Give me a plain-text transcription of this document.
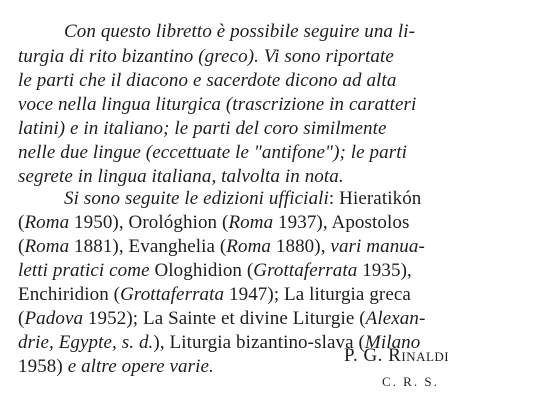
Con questo libretto è possibile seguire una li-
turgia di rito bizantino (greco). Vi sono riportate
le parti che il diacono e sacerdote dicono ad alta
voce nella lingua liturgica (trascrizione in caratteri
latini) e in italiano; le parti del coro similmente
nelle due lingue (eccettuate le "antifone"); le parti
segrete in lingua italiana, talvolta in nota.
Si sono seguite le edizioni ufficiali: Hieratikón
(Roma 1950), Orológhion (Roma 1937), Apostolos
(Roma 1881), Evanghelia (Roma 1880), vari manua-
letti pratici come Ologhidion (Grottaferrata 1935),
Enchiridion (Grottaferrata 1947); La liturgia greca
(Padova 1952); La Sainte et divine Liturgie (Alexan-
drie, Egypte, s. d.), Liturgia bizantino-slava (Milano
1958) e altre opere varie.
P. G. Rinaldi
C. R. S.
